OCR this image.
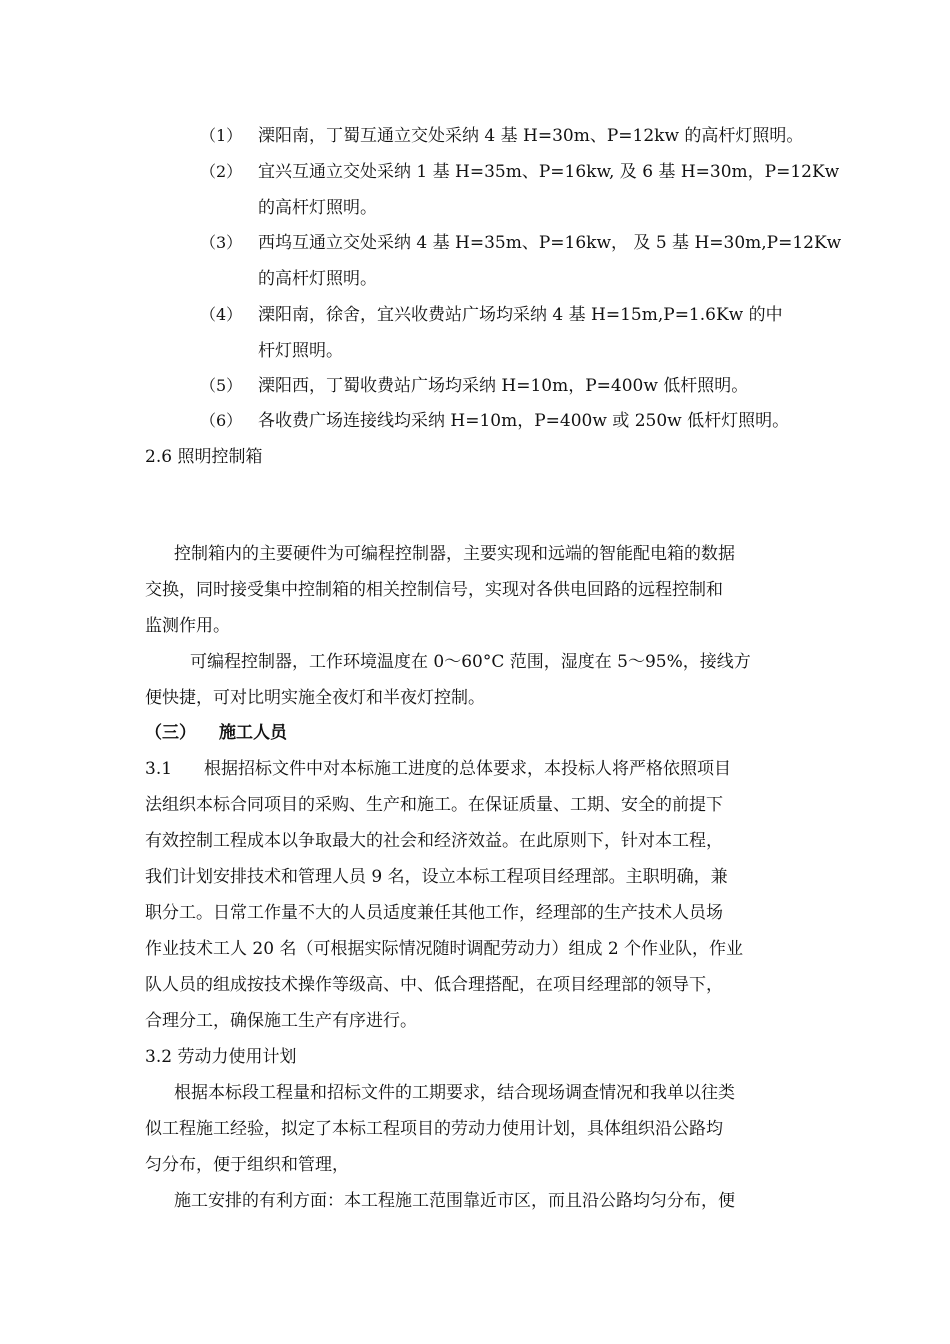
（1） 溧阳南，丁蜀互通立交处采纳 4 基 H=30m、P=12kw 的高杆灯照明。
（2） 宜兴互通立交处采纳 1 基 H=35m、P=16kw, 及 6 基 H=30m，P=12Kw
的高杆灯照明。
（3） 西坞互通立交处采纳 4 基 H=35m、P=16kw， 及 5 基 H=30m,P=12Kw
的高杆灯照明。
（4） 溧阳南，徐舍，宜兴收费站广场均采纳 4 基 H=15m,P=1.6Kw 的中
杆灯照明。
（5） 溧阳西，丁蜀收费站广场均采纳 H=10m，P=400w 低杆照明。
（6） 各收费广场连接线均采纳 H=10m，P=400w 或 250w 低杆灯照明。
2.6 照明控制箱
控制箱内的主要硬件为可编程控制器，主要实现和远端的智能配电箱的数据
交换，同时接受集中控制箱的相关控制信号，实现对各供电回路的远程控制和
监测作用。
可编程控制器，工作环境温度在 0～60°C 范围，湿度在 5～95%，接线方
便快捷，可对比明实施全夜灯和半夜灯控制。
（三） 施工人员
3.1 根据招标文件中对本标施工进度的总体要求，本投标人将严格依照项目
法组织本标合同项目的采购、生产和施工。在保证质量、工期、安全的前提下
有效控制工程成本以争取最大的社会和经济效益。在此原则下，针对本工程，
我们计划安排技术和管理人员 9 名，设立本标工程项目经理部。主职明确，兼
职分工。日常工作量不大的人员适度兼任其他工作，经理部的生产技术人员场
作业技术工人 20 名（可根据实际情况随时调配劳动力）组成 2 个作业队，作业
队人员的组成按技术操作等级高、中、低合理搭配，在项目经理部的领导下，
合理分工，确保施工生产有序进行。
3.2 劳动力使用计划
根据本标段工程量和招标文件的工期要求，结合现场调查情况和我单以往类
似工程施工经验，拟定了本标工程项目的劳动力使用计划，具体组织沿公路均
匀分布，便于组织和管理，
施工安排的有利方面：本工程施工范围靠近市区，而且沿公路均匀分布，便
